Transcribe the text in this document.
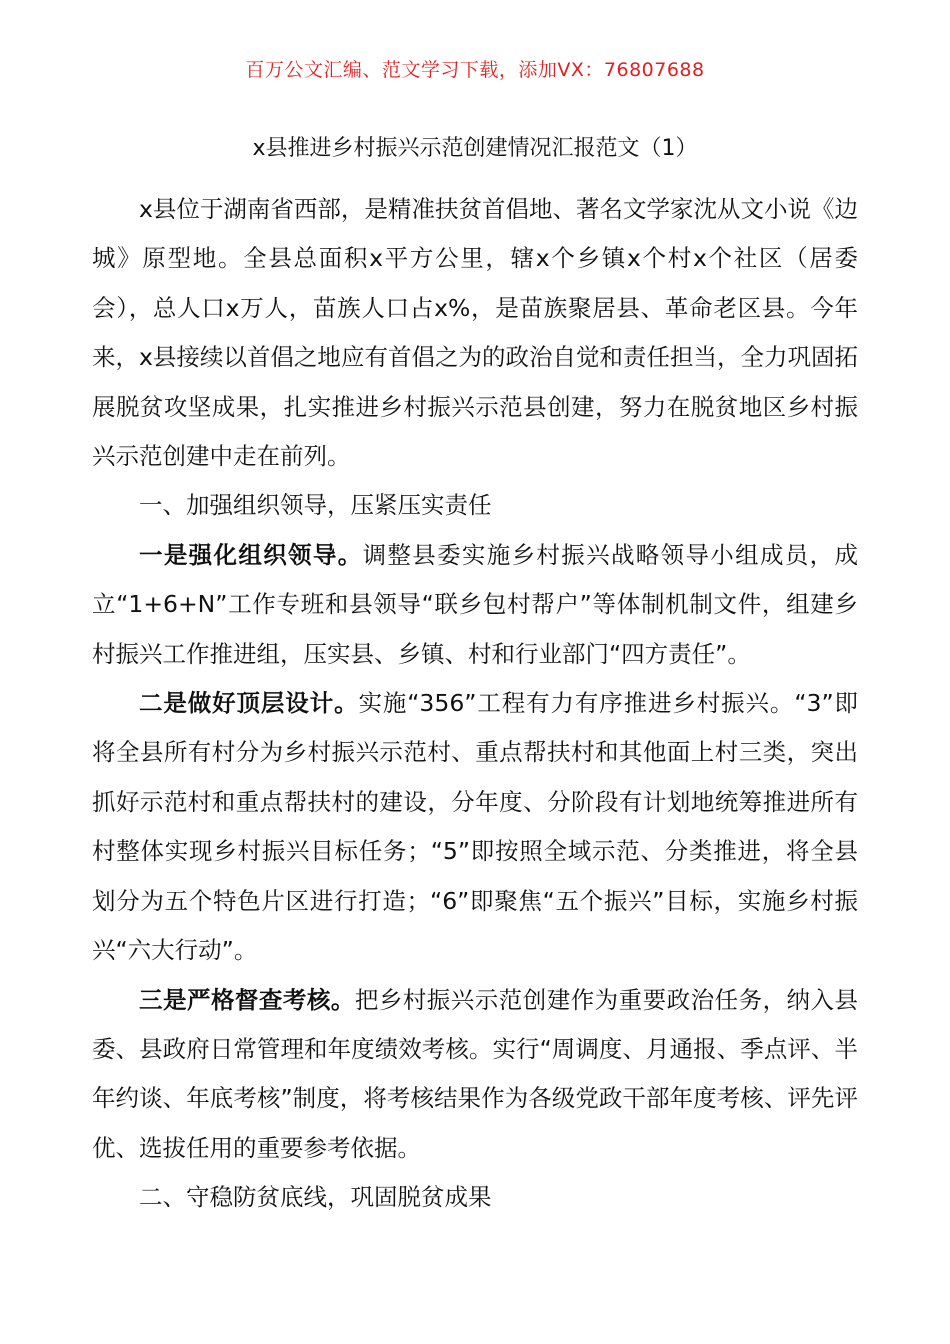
百万公文汇编、范文学习下载，添加VX：76807688
x县推进乡村振兴示范创建情况汇报范文（1）

x县位于湖南省西部，是精准扶贫首倡地、著名文学家沈从文小说《边城》原型地。全县总面积x平方公里，辖x个乡镇x个村x个社区（居委会），总人口x万人，苗族人口占x%，是苗族聚居县、革命老区县。今年来，x县接续以首倡之地应有首倡之为的政治自觉和责任担当，全力巩固拓展脱贫攻坚成果，扎实推进乡村振兴示范县创建，努力在脱贫地区乡村振兴示范创建中走在前列。

一、加强组织领导，压紧压实责任

一是强化组织领导。调整县委实施乡村振兴战略领导小组成员，成立“1+6+N”工作专班和县领导“联乡包村帮户”等体制机制文件，组建乡村振兴工作推进组，压实县、乡镇、村和行业部门“四方责任”。

二是做好顶层设计。实施“356”工程有力有序推进乡村振兴。“3”即将全县所有村分为乡村振兴示范村、重点帮扶村和其他面上村三类，突出抓好示范村和重点帮扶村的建设，分年度、分阶段有计划地统筹推进所有村整体实现乡村振兴目标任务；“5”即按照全域示范、分类推进，将全县划分为五个特色片区进行打造；“6”即聚焦“五个振兴”目标，实施乡村振兴“六大行动”。

三是严格督查考核。把乡村振兴示范创建作为重要政治任务，纳入县委、县政府日常管理和年度绩效考核。实行“周调度、月通报、季点评、半年约谈、年底考核”制度，将考核结果作为各级党政干部年度考核、评先评优、选拔任用的重要参考依据。

二、守稳防贫底线，巩固脱贫成果
